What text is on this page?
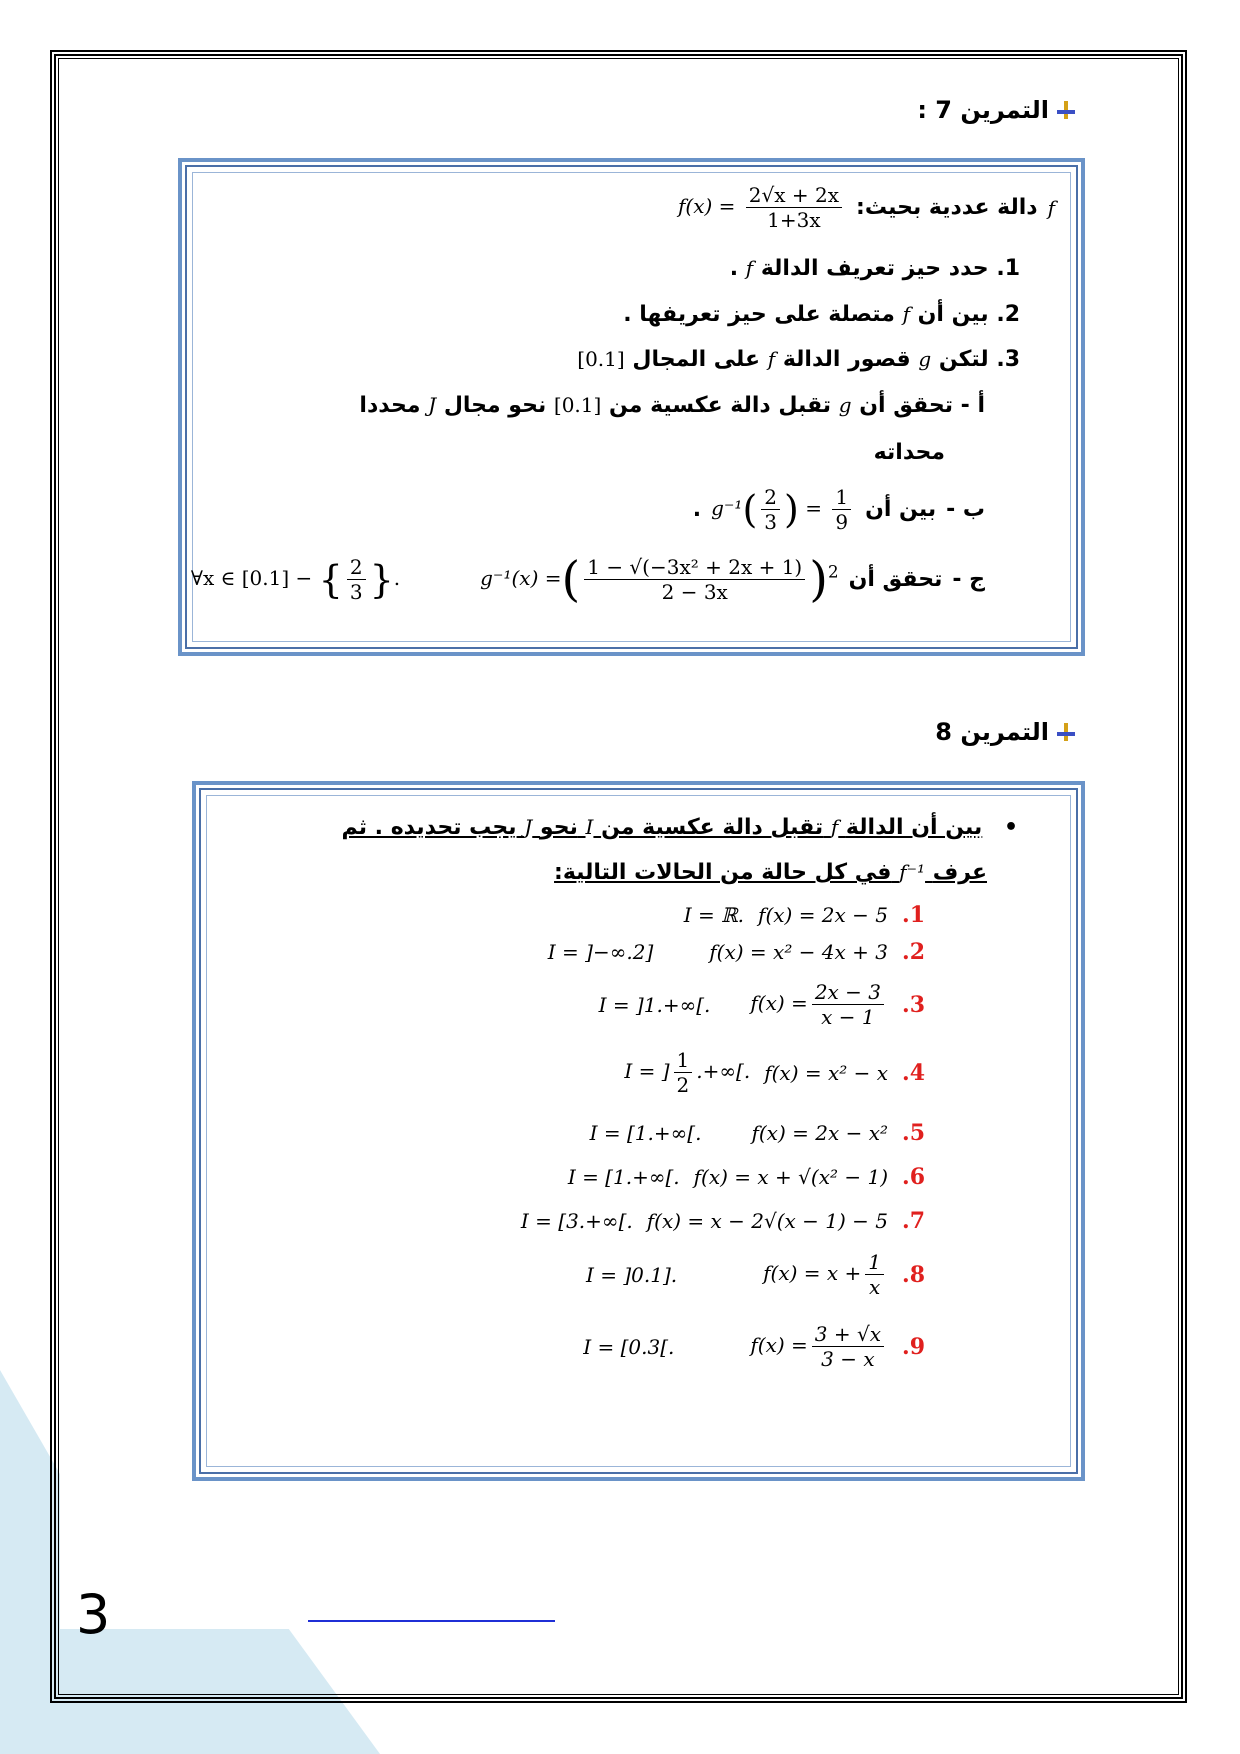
التمرين 7 :
f
دالة عددية بحيث:
$f(x) = \frac{2√x + 2x}{1+3x}$
1. حدد حيز تعريف الدالة f .
2. بين أن f متصلة على حيز تعريفها .
3. لتكن g قصور الدالة f على المجال [0.1]
أ - تحقق أن g تقبل دالة عكسية من [0.1] نحو مجال J محددا
محداته
ب -
بين أن
$g^{-1}( \frac{2}{3}$ ) = $\frac{1}{9}$
.
ج -
تحقق أن
g⁻¹(x) =( $\frac{\text{1 − √(−3x² + 2x + 1)}}{2 - 3x} )^2$
∀x ∈ [0.1] − { $\frac{2}{3}$ }.
التمرين 8
• بين أن الدالة f تقبل دالة عكسية من I نحو J يجب تحديده . ثم
عرف f⁻¹ في كل حالة من الحالات التالية:
1.
f(x) = 2x − 5
I = ℝ.
2.
f(x) = x² − 4x + 3
I = ]−∞.2]
3.
$f(x) = \frac{2x - 3}{x - 1}$
I = ]1.+∞[.
4.
f(x) = x² − x
I = ] $\frac{1}{2}$ .+∞[.
5.
f(x) = 2x − x²
I = [1.+∞[.
6.
f(x) = x + √(x² − 1)
I = [1.+∞[.
7.
f(x) = x − 2√(x − 1) − 5
I = [3.+∞[.
8.
$f(x) = x + \frac{1}{x}$
I = ]0.1].
9.
$f(x) = \frac{3 + √x}{3 - x}$
I = [0.3[.
3
